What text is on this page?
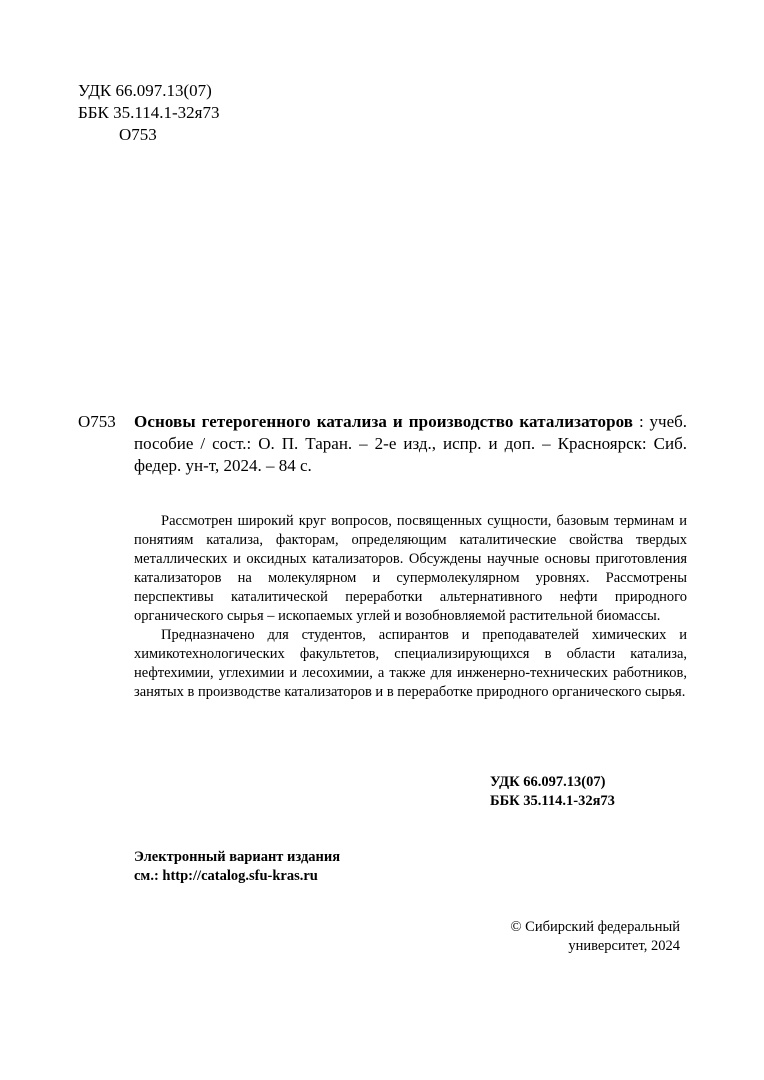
УДК 66.097.13(07)
ББК 35.114.1-32я73
О753
О753 Основы гетерогенного катализа и производство катализаторов : учеб. пособие / сост.: О. П. Таран. – 2-е изд., испр. и доп. – Красноярск: Сиб. федер. ун-т, 2024. – 84 с.

Рассмотрен широкий круг вопросов, посвященных сущности, базовым терминам и понятиям катализа, фактoрам, определяющим каталитические свойства твердых металлических и оксидных катализаторов. Обсуждены научные основы приготовления катализаторов на молекулярном и супермолекулярном уровнях. Рассмотрены перспективы каталитической переработки альтернативного нефти природного органического сырья – ископаемых углей и возобновляемой растительной биомассы.

Предназначено для студентов, аспирантов и преподавателей химических и химикотехнологических факультетов, специализирующихся в области катализа, нефтехимии, углехимии и лесохимии, а также для инженерно-технических работников, занятых в производстве катализаторов и в переработке природного органического сырья.

УДК 66.097.13(07)
ББК 35.114.1-32я73
Электронный вариант издания
см.: http://catalog.sfu-kras.ru
© Сибирский федеральный
университет, 2024
